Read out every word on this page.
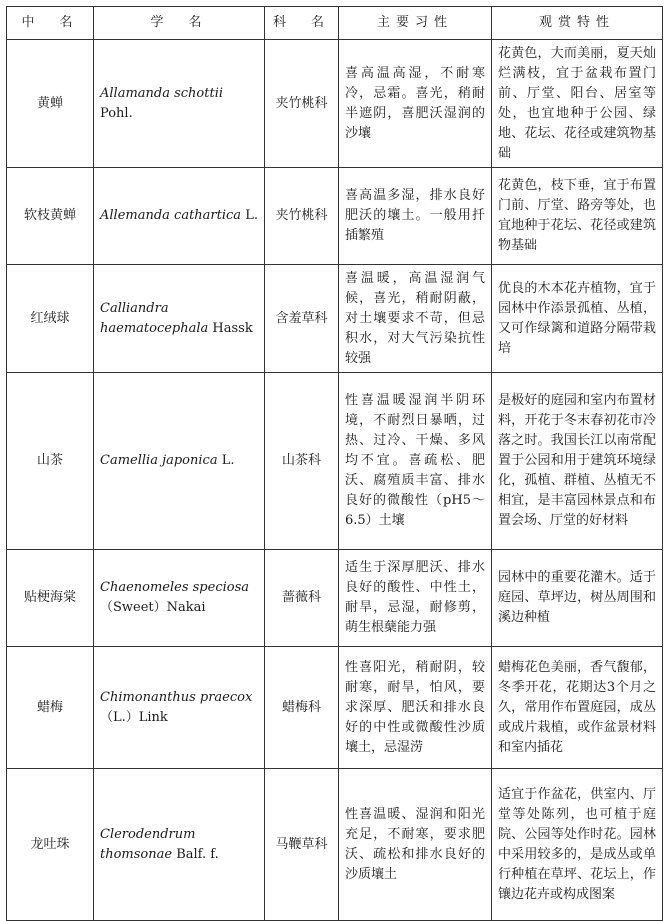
中　名	学　名	科　名	主要习性	观赏特性
黄蝉	Allamanda schottii Pohl.	夹竹桃科	喜高温高湿，不耐寒冷，忌霜。喜光，稍耐半遮阴，喜肥沃湿润的沙壤	花黄色，大而美丽，夏天灿烂满枝，宜于盆栽布置门前、厅堂、阳台、居室等处，也宜地种于公园、绿地、花坛、花径或建筑物基础
软枝黄蝉	Allemanda cathartica L.	夹竹桃科	喜高温多湿，排水良好肥沃的壤土。一般用扦插繁殖	花黄色，枝下垂，宜于布置门前、厅堂、路旁等处，也宜地种于花坛、花径或建筑物基础
红绒球	Calliandra haematocephala Hassk	含羞草科	喜温暖，高温湿润气候，喜光，稍耐阴蔽，对土壤要求不苛，但忌积水，对大气污染抗性较强	优良的木本花卉植物，宜于园林中作添景孤植、丛植，又可作绿篱和道路分隔带栽培
山茶	Camellia japonica L.	山茶科	性喜温暖湿润半阴环境，不耐烈日暴晒，过热、过冷、干燥、多风均不宜。喜疏松、肥沃、腐殖质丰富、排水良好的微酸性（pH5～6.5）土壤	是极好的庭园和室内布置材料，开花于冬末春初花市冷落之时。我国长江以南常配置于公园和用于建筑环境绿化，孤植、群植、丛植无不相宜，是丰富园林景点和布置会场、厅堂的好材料
贴梗海棠	Chaenomeles speciosa（Sweet）Nakai	蔷薇科	适生于深厚肥沃、排水良好的酸性、中性土，耐旱，忌湿，耐修剪，萌生根蘖能力强	园林中的重要花灌木。适于庭园、草坪边，树丛周围和溪边种植
蜡梅	Chimonanthus praecox（L.）Link	蜡梅科	性喜阳光，稍耐阴，较耐寒，耐旱，怕风，要求深厚、肥沃和排水良好的中性或微酸性沙质壤土，忌湿涝	蜡梅花色美丽，香气馥郁，冬季开花，花期达3个月之久，常用作布置庭园，成丛或成片栽植，或作盆景材料和室内插花
龙吐珠	Clerodendrum thomsonae Balf. f.	马鞭草科	性喜温暖、湿润和阳光充足，不耐寒，要求肥沃、疏松和排水良好的沙质壤土	适宜于作盆花，供室内、厅堂等处陈列，也可植于庭院、公园等处作时花。园林中采用较多的，是成丛或单行种植在草坪、花坛上，作镶边花卉或构成图案
